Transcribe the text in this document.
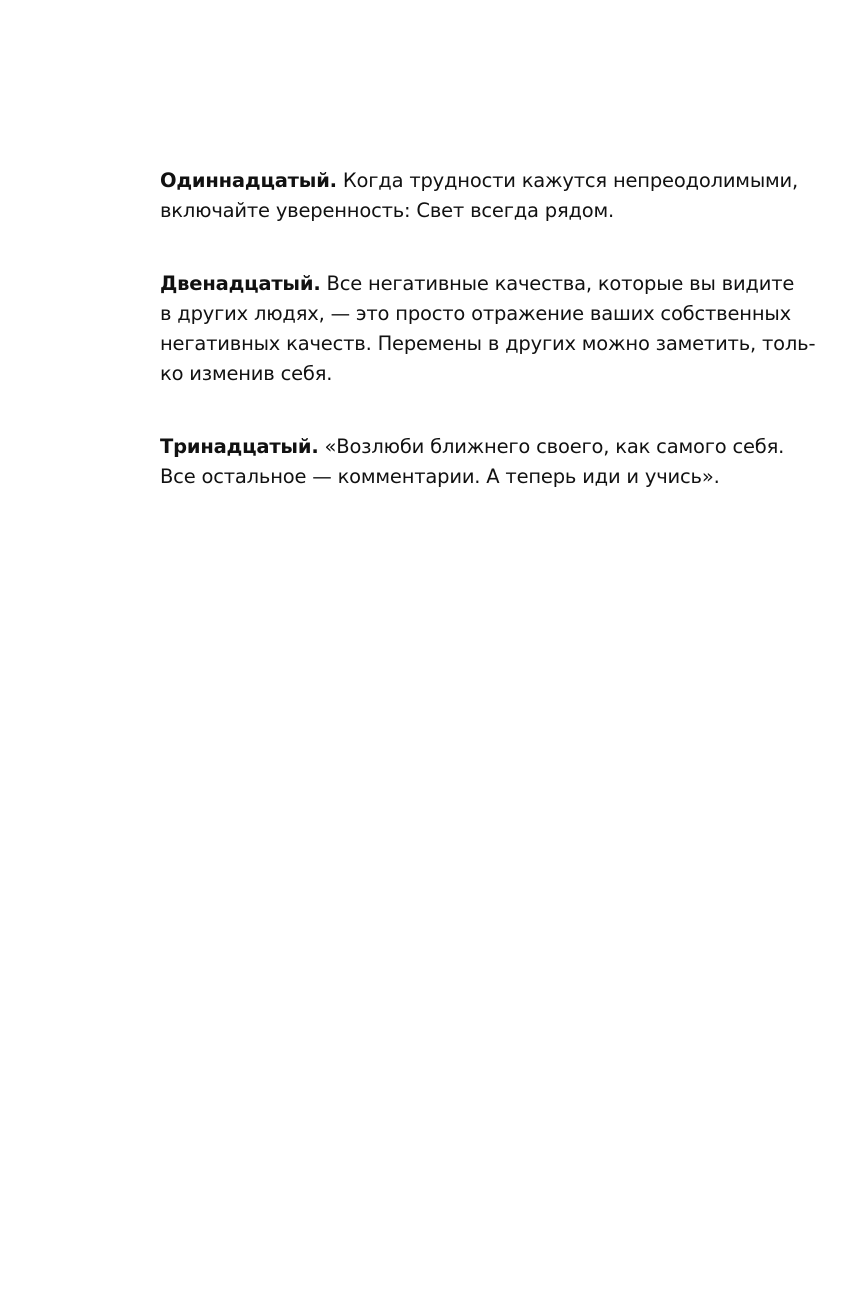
Одиннадцатый. Когда трудности кажутся непреодолимыми,
включайте уверенность: Свет всегда рядом.

Двенадцатый. Все негативные качества, которые вы видите
в других людях, — это просто отражение ваших собственных
негативных качеств. Перемены в других можно заметить, толь-
ко изменив себя.

Тринадцатый. «Возлюби ближнего своего, как самого себя.
Все остальное — комментарии. А теперь иди и учись».
